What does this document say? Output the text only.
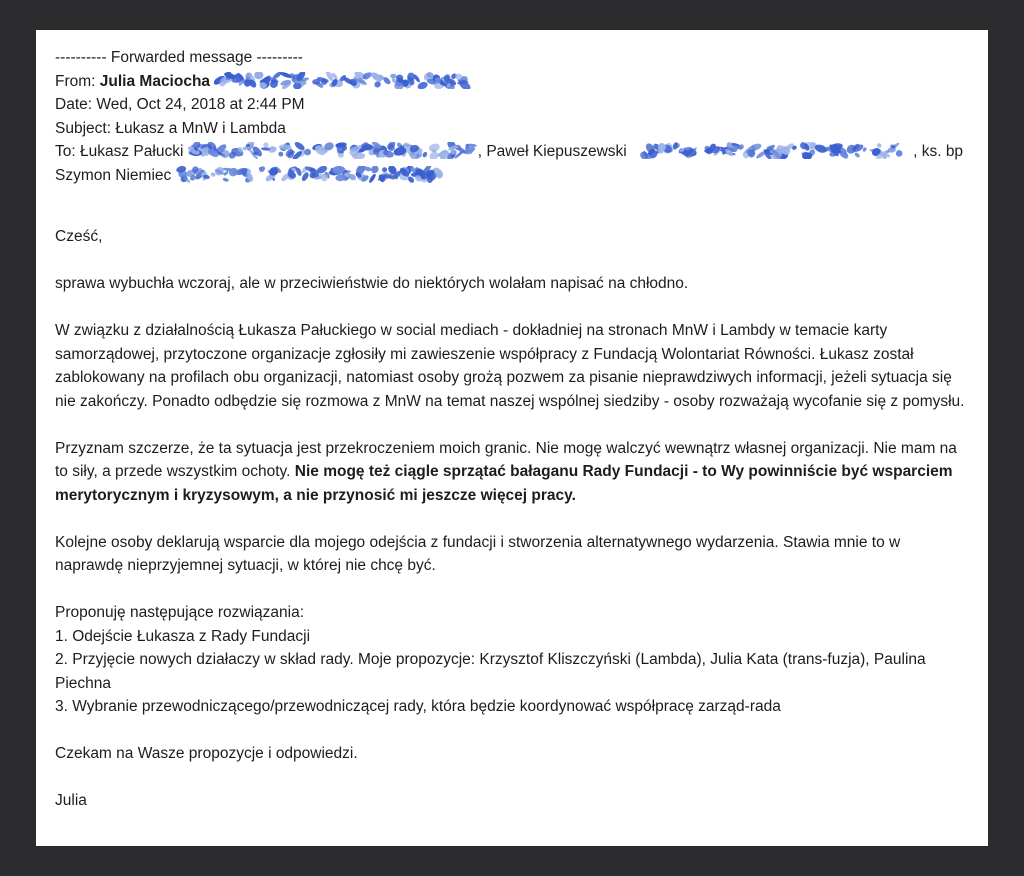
---------- Forwarded message ---------
From: Julia Maciocha
Date: Wed, Oct 24, 2018 at 2:44 PM
Subject: Łukasz a MnW i Lambda
To: Łukasz Pałucki	, Paweł Kiepuszewski	, ks. bp Szymon Niemiec

Cześć,

sprawa wybuchła wczoraj, ale w przeciwieństwie do niektórych wolałam napisać na chłodno.

W związku z działalnością Łukasza Pałuckiego w social mediach - dokładniej na stronach MnW i Lambdy w temacie karty samorządowej, przytoczone organizacje zgłosiły mi zawieszenie współpracy z Fundacją Wolontariat Równości. Łukasz został zablokowany na profilach obu organizacji, natomiast osoby grożą pozwem za pisanie nieprawdziwych informacji, jeżeli sytuacja się nie zakończy. Ponadto odbędzie się rozmowa z MnW na temat naszej wspólnej siedziby - osoby rozważają wycofanie się z pomysłu.

Przyznam szczerze, że ta sytuacja jest przekroczeniem moich granic. Nie mogę walczyć wewnątrz własnej organizacji. Nie mam na to siły, a przede wszystkim ochoty. Nie mogę też ciągle sprzątać bałaganu Rady Fundacji - to Wy powinniście być wsparciem merytorycznym i kryzysowym, a nie przynosić mi jeszcze więcej pracy.

Kolejne osoby deklarują wsparcie dla mojego odejścia z fundacji i stworzenia alternatywnego wydarzenia. Stawia mnie to w naprawdę nieprzyjemnej sytuacji, w której nie chcę być.

Proponuję następujące rozwiązania:
1. Odejście Łukasza z Rady Fundacji
2. Przyjęcie nowych działaczy w skład rady. Moje propozycje: Krzysztof Kliszczyński (Lambda), Julia Kata (trans-fuzja), Paulina Piechna
3. Wybranie przewodniczącego/przewodniczącej rady, która będzie koordynować współpracę zarząd-rada

Czekam na Wasze propozycje i odpowiedzi.

Julia
